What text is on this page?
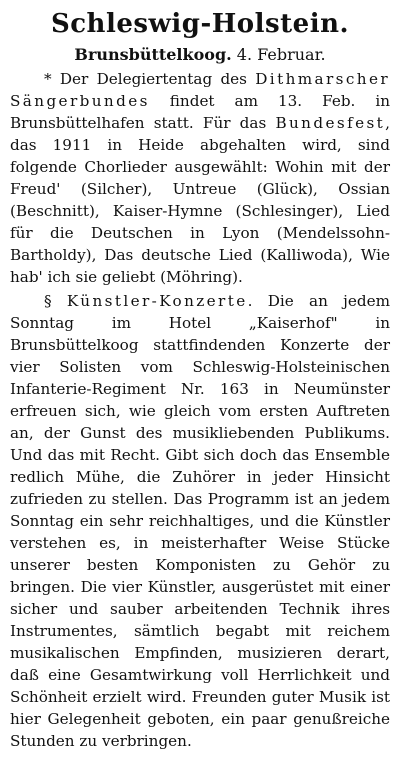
Schleswig-Holstein.
Brunsbüttelkoog. 4. Februar.

* Der Delegiertentag des Dithmarscher Sängerbundes findet am 13. Feb. in Brunsbüttelhafen statt. Für das Bundesfest, das 1911 in Heide abgehalten wird, sind folgende Chorlieder ausgewählt: Wohin mit der Freud' (Silcher), Untreue (Glück), Ossian (Beschnitt), Kaiser-Hymne (Schlesinger), Lied für die Deutschen in Lyon (Mendelssohn-Bartholdy), Das deutsche Lied (Kalliwoda), Wie hab' ich sie geliebt (Möhring).

§ Künstler-Konzerte. Die an jedem Sonntag im Hotel „Kaiserhof" in Brunsbüttelkoog stattfindenden Konzerte der vier Solisten vom Schleswig-Holsteinischen Infanterie-Regiment Nr. 163 in Neumünster erfreuen sich, wie gleich vom ersten Auftreten an, der Gunst des musikliebenden Publikums. Und das mit Recht. Gibt sich doch das Ensemble redlich Mühe, die Zuhörer in jeder Hinsicht zufrieden zu stellen. Das Programm ist an jedem Sonntag ein sehr reichhaltiges, und die Künstler verstehen es, in meisterhafter Weise Stücke unserer besten Komponisten zu Gehör zu bringen. Die vier Künstler, ausgerüstet mit einer sicher und sauber arbeitenden Technik ihres Instrumentes, sämtlich begabt mit reichem musikalischen Empfinden, musizieren derart, daß eine Gesamtwirkung voll Herrlichkeit und Schönheit erzielt wird. Freunden guter Musik ist hier Gelegenheit geboten, ein paar genußreiche Stunden zu verbringen.
